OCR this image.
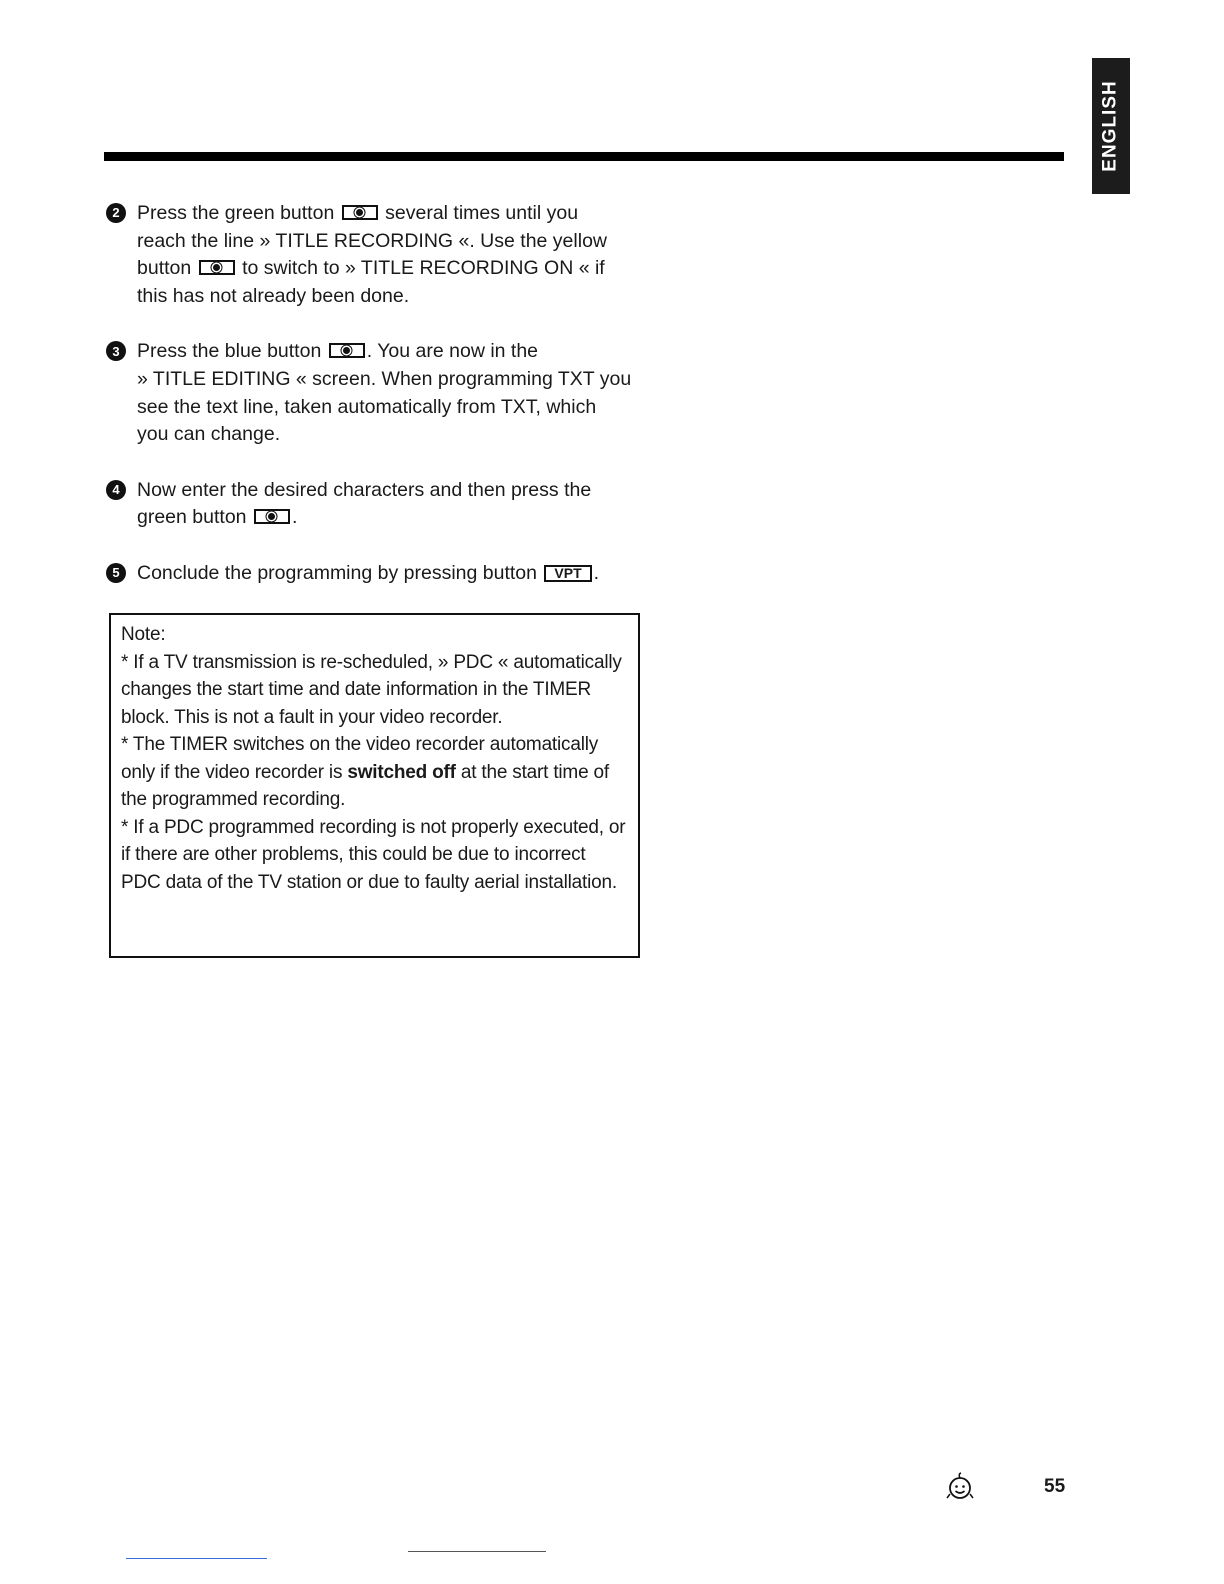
ENGLISH
2 Press the green button	several times until you
reach the line » TITLE RECORDING «. Use the yellow
button	to switch to » TITLE RECORDING ON « if
this has not already been done.
3 Press the blue button . You are now in the
» TITLE EDITING « screen. When programming TXT you
see the text line, taken automatically from TXT, which
you can change.
4 Now enter the desired characters and then press the
green button .
5 Conclude the programming by pressing button VPT .
Note:
* If a TV transmission is re-scheduled, » PDC « automatically changes the start time and date information in the TIMER block. This is not a fault in your video recorder.
* The TIMER switches on the video recorder automatically only if the video recorder is switched off at the start time of the programmed recording.
* If a PDC programmed recording is not properly executed, or if there are other problems, this could be due to incorrect PDC data of the TV station or due to faulty aerial installation.
55
